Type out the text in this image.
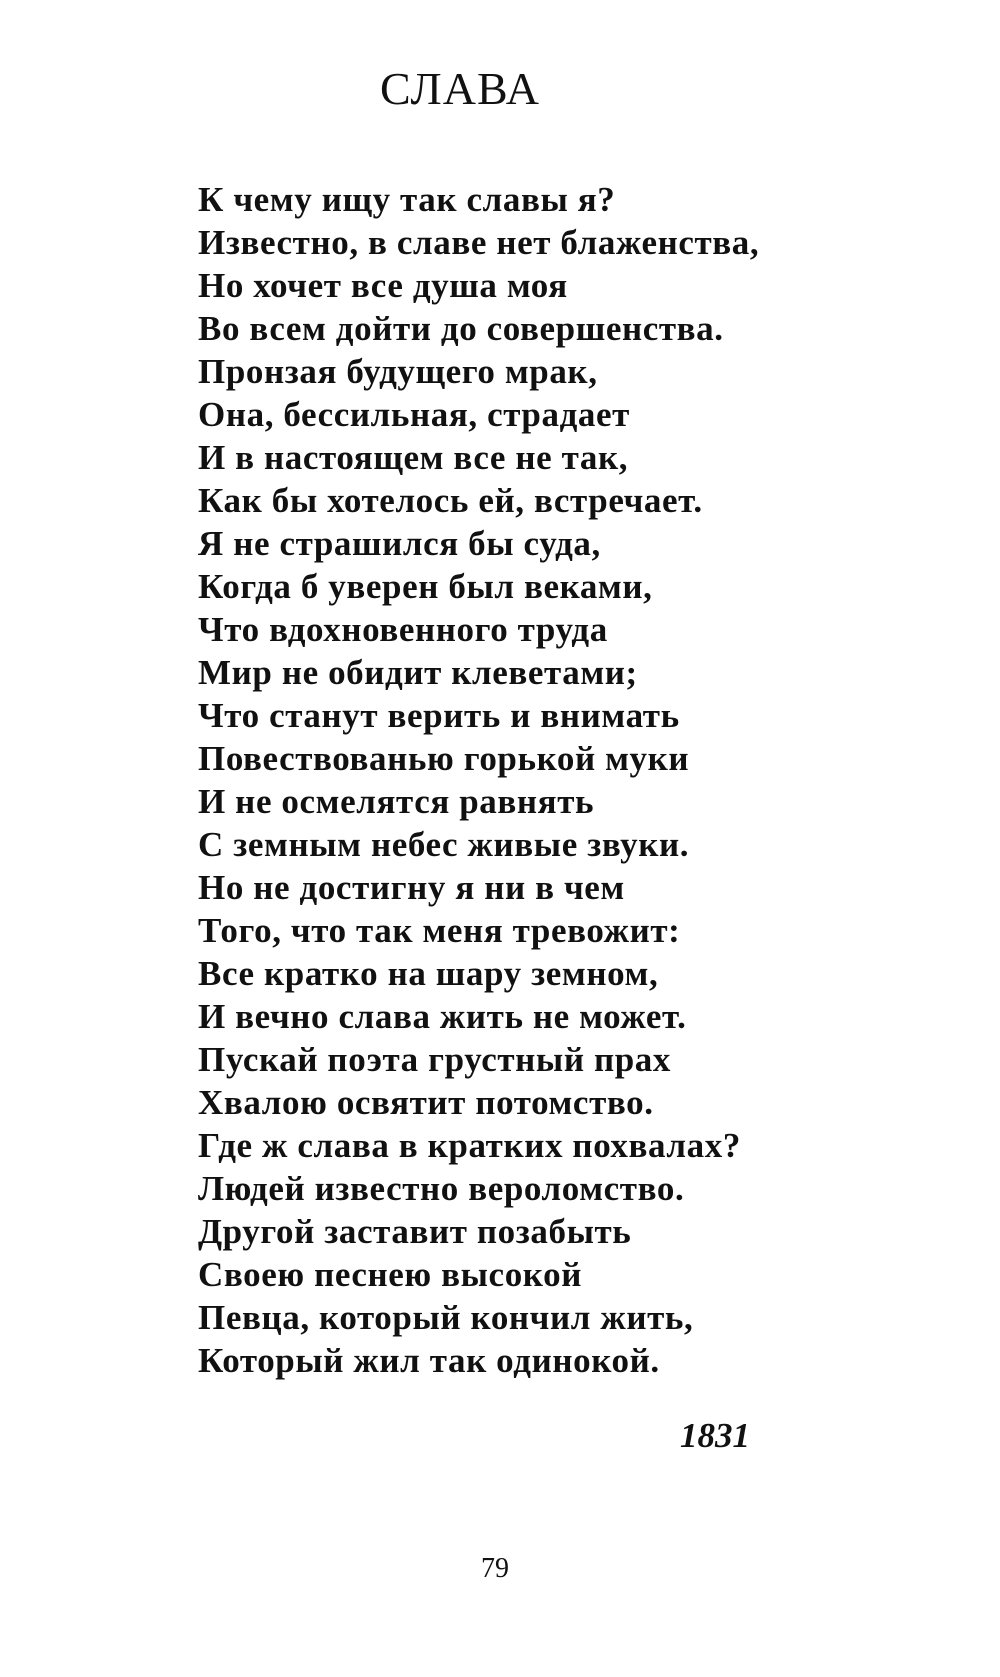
СЛАВА
К чему ищу так славы я?
Известно, в славе нет блаженства,
Но хочет все душа моя
Во всем дойти до совершенства.
Пронзая будущего мрак,
Она, бессильная, страдает
И в настоящем все не так,
Как бы хотелось ей, встречает.
Я не страшился бы суда,
Когда б уверен был веками,
Что вдохновенного труда
Мир не обидит клеветами;
Что станут верить и внимать
Повествованью горькой муки
И не осмелятся равнять
С земным небес живые звуки.
Но не достигну я ни в чем
Того, что так меня тревожит:
Все кратко на шару земном,
И вечно слава жить не может.
Пускай поэта грустный прах
Хвалою освятит потомство.
Где ж слава в кратких похвалах?
Людей известно вероломство.
Другой заставит позабыть
Своею песнею высокой
Певца, который кончил жить,
Который жил так одинокой.
1831
79
